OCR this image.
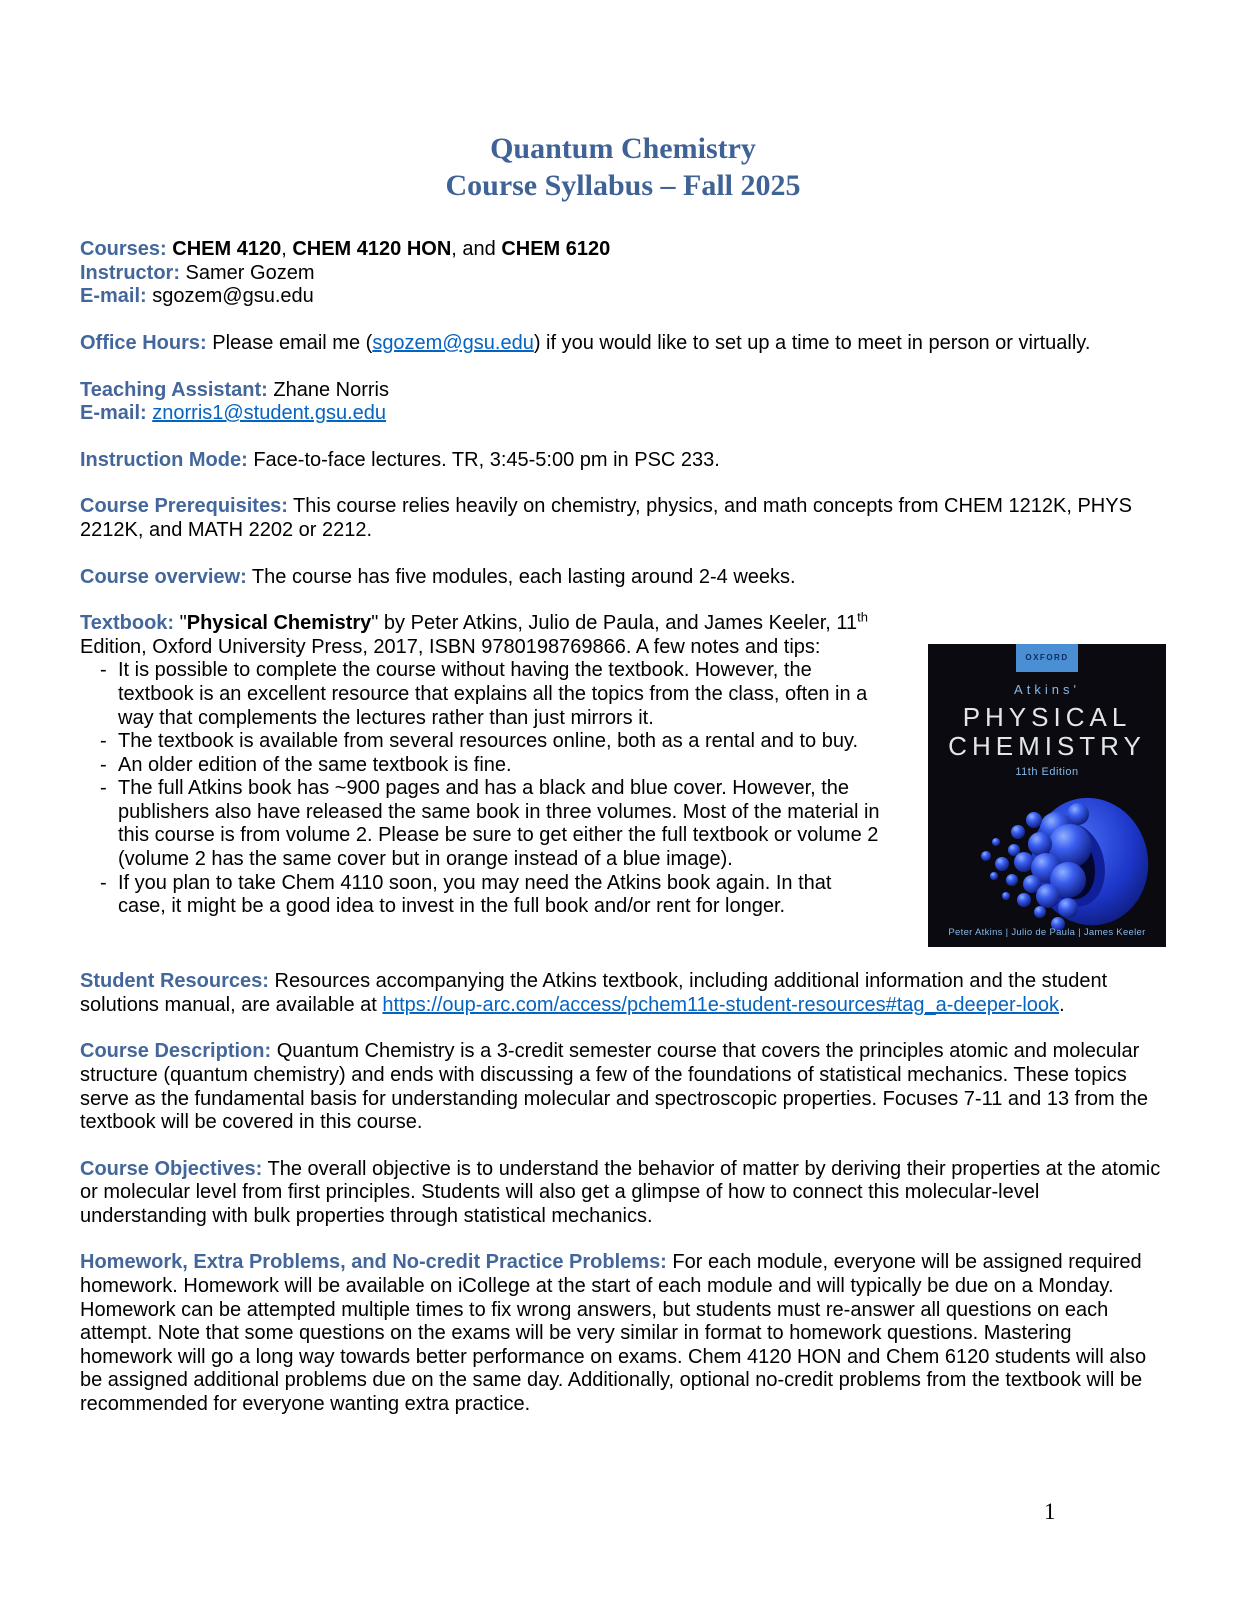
Quantum Chemistry
Course Syllabus – Fall 2025

Courses: CHEM 4120, CHEM 4120 HON, and CHEM 6120
Instructor: Samer Gozem
E-mail: sgozem@gsu.edu

Office Hours: Please email me (sgozem@gsu.edu) if you would like to set up a time to meet in person or virtually.

Teaching Assistant: Zhane Norris
E-mail: znorris1@student.gsu.edu

Instruction Mode: Face-to-face lectures. TR, 3:45-5:00 pm in PSC 233.

Course Prerequisites: This course relies heavily on chemistry, physics, and math concepts from CHEM 1212K, PHYS 2212K, and MATH 2202 or 2212.

Course overview: The course has five modules, each lasting around 2-4 weeks.

Textbook: "Physical Chemistry" by Peter Atkins, Julio de Paula, and James Keeler, 11th Edition, Oxford University Press, 2017, ISBN 9780198769866. A few notes and tips:

- It is possible to complete the course without having the textbook. However, the textbook is an excellent resource that explains all the topics from the class, often in a way that complements the lectures rather than just mirrors it.
- The textbook is available from several resources online, both as a rental and to buy.
- An older edition of the same textbook is fine.
- The full Atkins book has ~900 pages and has a black and blue cover. However, the publishers also have released the same book in three volumes. Most of the material in this course is from volume 2. Please be sure to get either the full textbook or volume 2 (volume 2 has the same cover but in orange instead of a blue image).
- If you plan to take Chem 4110 soon, you may need the Atkins book again. In that case, it might be a good idea to invest in the full book and/or rent for longer.
OXFORD
Atkins'
PHYSICAL
CHEMISTRY
11th Edition
Peter Atkins | Julio de Paula | James Keeler

Student Resources: Resources accompanying the Atkins textbook, including additional information and the student solutions manual, are available at https://oup-arc.com/access/pchem11e-student-resources#tag_a-deeper-look.

Course Description: Quantum Chemistry is a 3-credit semester course that covers the principles atomic and molecular structure (quantum chemistry) and ends with discussing a few of the foundations of statistical mechanics. These topics serve as the fundamental basis for understanding molecular and spectroscopic properties. Focuses 7-11 and 13 from the textbook will be covered in this course.

Course Objectives: The overall objective is to understand the behavior of matter by deriving their properties at the atomic or molecular level from first principles. Students will also get a glimpse of how to connect this molecular-level understanding with bulk properties through statistical mechanics.

Homework, Extra Problems, and No-credit Practice Problems: For each module, everyone will be assigned required homework. Homework will be available on iCollege at the start of each module and will typically be due on a Monday. Homework can be attempted multiple times to fix wrong answers, but students must re-answer all questions on each attempt. Note that some questions on the exams will be very similar in format to homework questions. Mastering homework will go a long way towards better performance on exams. Chem 4120 HON and Chem 6120 students will also be assigned additional problems due on the same day. Additionally, optional no-credit problems from the textbook will be recommended for everyone wanting extra practice.

1
